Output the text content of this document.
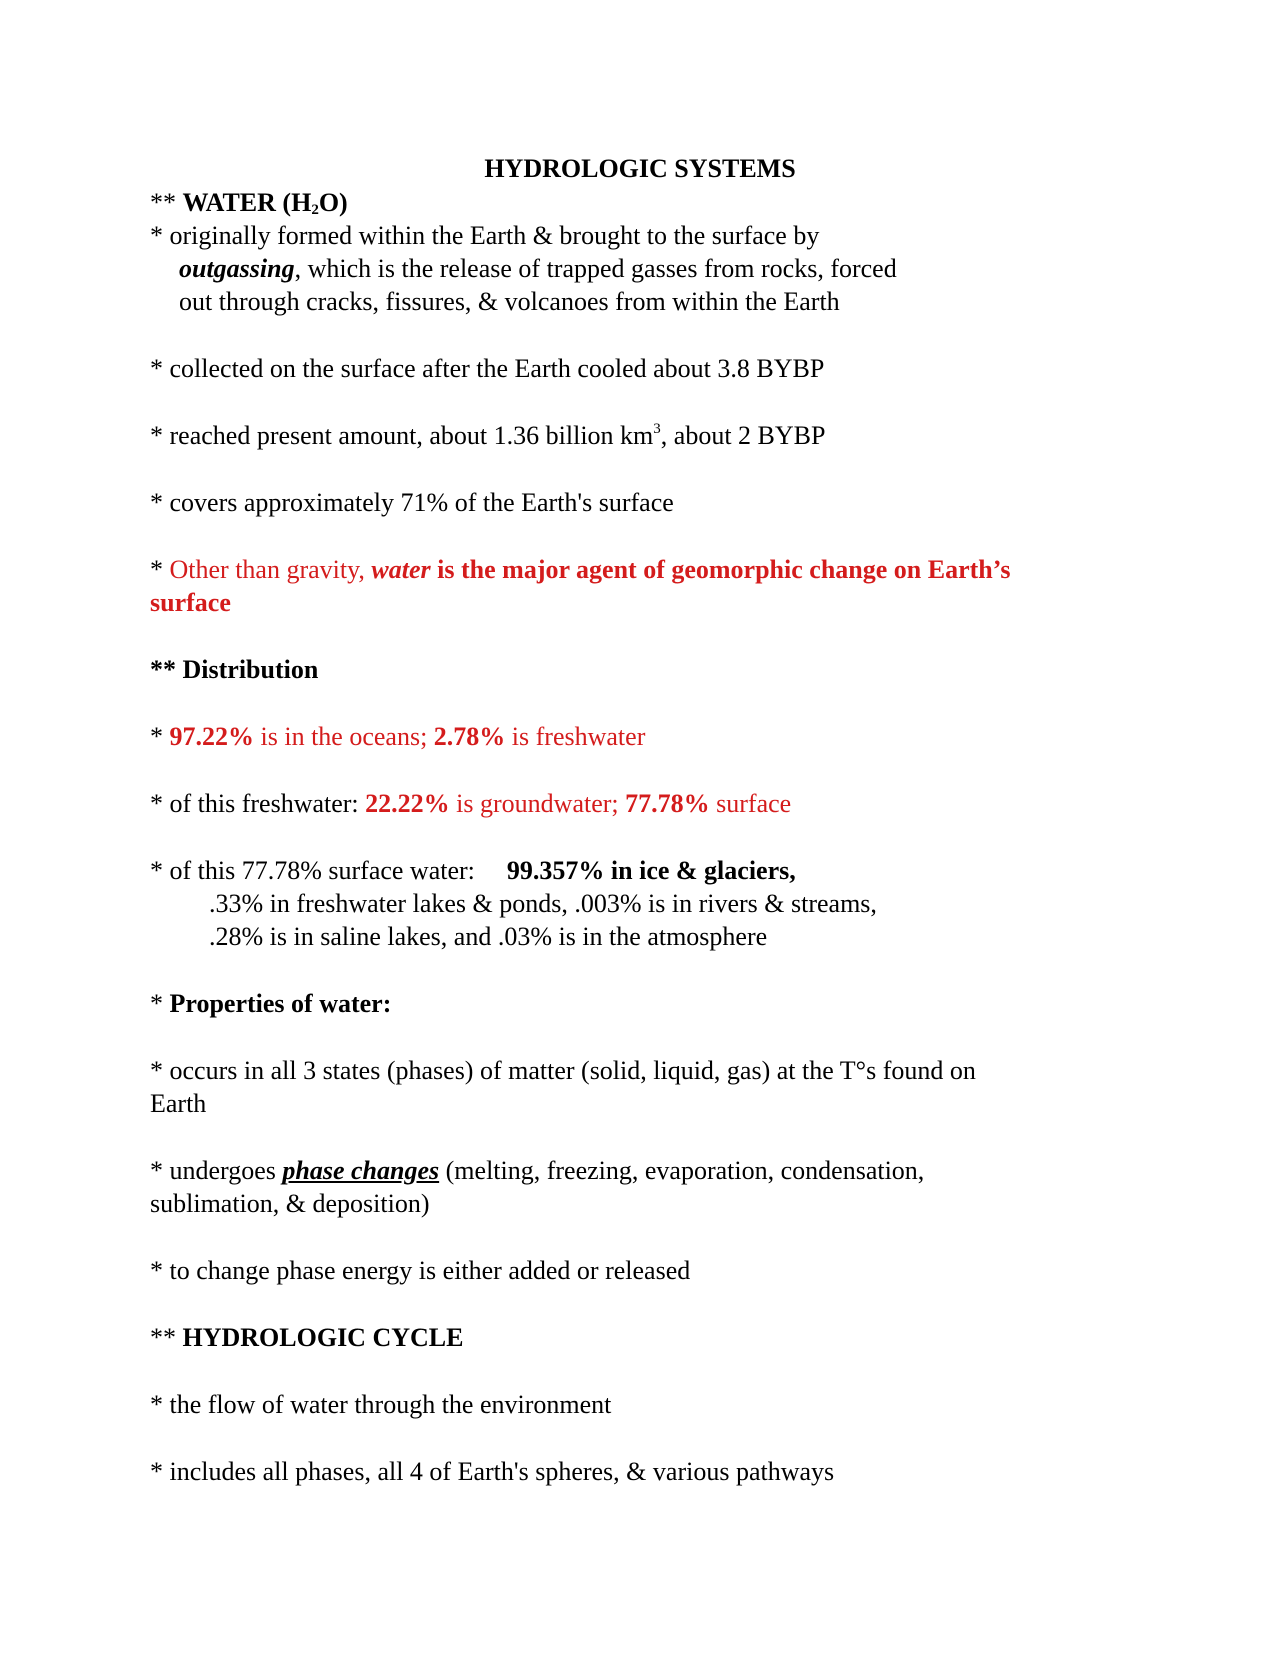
HYDROLOGIC SYSTEMS
** WATER $(H_2O)$
* originally formed within the Earth & brought to the surface by
outgassing, which is the release of trapped gasses from rocks, forced
out through cracks, fissures, & volcanoes from within the Earth
* collected on the surface after the Earth cooled about 3.8 BYBP
* reached present amount, about 1.36 billion $km^3$, about 2 BYBP
* covers approximately 71% of the Earth's surface
* Other than gravity, water is the major agent of geomorphic change on Earth’s
surface
** Distribution
* 97.22% is in the oceans; 2.78% is freshwater
* of this freshwater: 22.22% is groundwater; 77.78% surface
* of this 77.78% surface water: 99.357% in ice & glaciers,
.33% in freshwater lakes & ponds, .003% is in rivers & streams,
.28% is in saline lakes, and .03% is in the atmosphere
* Properties of water:
* occurs in all 3 states (phases) of matter (solid, liquid, gas) at the T°s found on
Earth
* undergoes phase changes (melting, freezing, evaporation, condensation,
sublimation, & deposition)
* to change phase energy is either added or released
** HYDROLOGIC CYCLE
* the flow of water through the environment
* includes all phases, all 4 of Earth's spheres, & various pathways
